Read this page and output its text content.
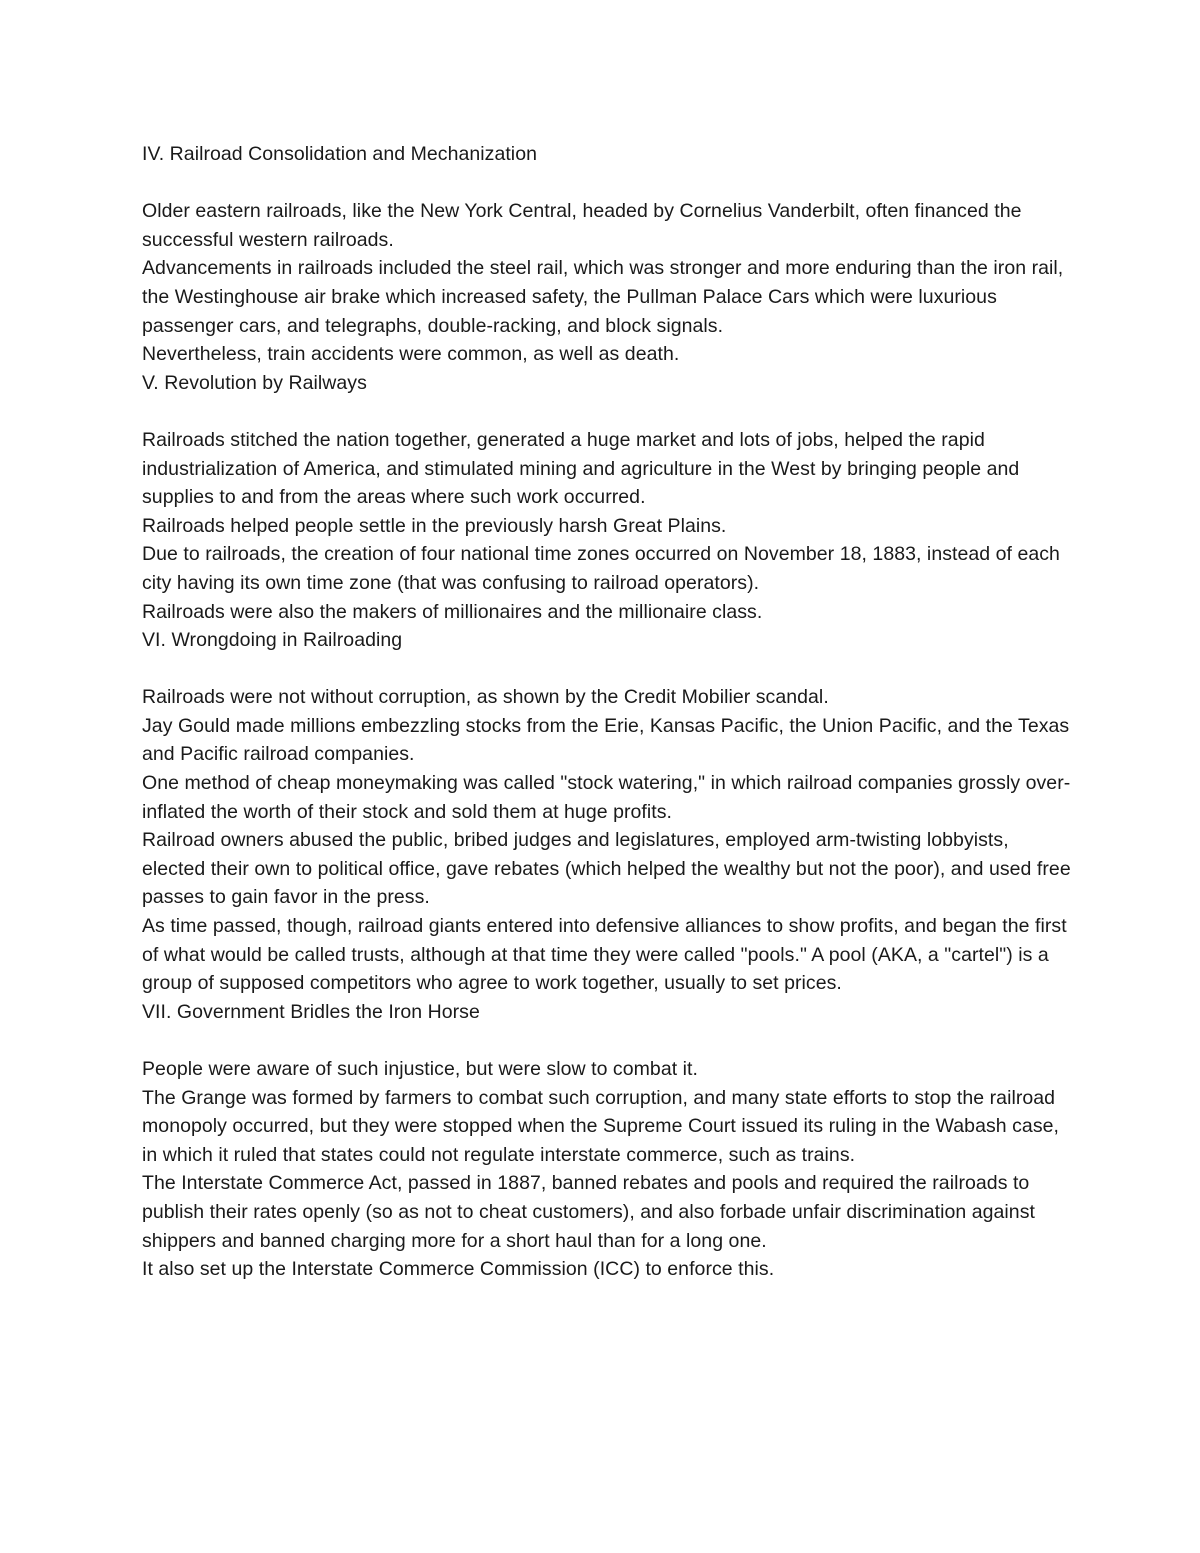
IV. Railroad Consolidation and Mechanization

Older eastern railroads, like the New York Central, headed by Cornelius Vanderbilt, often financed the successful western railroads.

Advancements in railroads included the steel rail, which was stronger and more enduring than the iron rail, the Westinghouse air brake which increased safety, the Pullman Palace Cars which were luxurious passenger cars, and telegraphs, double-racking, and block signals.

Nevertheless, train accidents were common, as well as death.

V. Revolution by Railways

Railroads stitched the nation together, generated a huge market and lots of jobs, helped the rapid industrialization of America, and stimulated mining and agriculture in the West by bringing people and supplies to and from the areas where such work occurred.

Railroads helped people settle in the previously harsh Great Plains.

Due to railroads, the creation of four national time zones occurred on November 18, 1883, instead of each city having its own time zone (that was confusing to railroad operators).

Railroads were also the makers of millionaires and the millionaire class.

VI. Wrongdoing in Railroading

Railroads were not without corruption, as shown by the Credit Mobilier scandal.

Jay Gould made millions embezzling stocks from the Erie, Kansas Pacific, the Union Pacific, and the Texas and Pacific railroad companies.

One method of cheap moneymaking was called "stock watering," in which railroad companies grossly over-inflated the worth of their stock and sold them at huge profits.

Railroad owners abused the public, bribed judges and legislatures, employed arm-twisting lobbyists, elected their own to political office, gave rebates (which helped the wealthy but not the poor), and used free passes to gain favor in the press.

As time passed, though, railroad giants entered into defensive alliances to show profits, and began the first of what would be called trusts, although at that time they were called "pools." A pool (AKA, a "cartel") is a group of supposed competitors who agree to work together, usually to set prices.

VII. Government Bridles the Iron Horse

People were aware of such injustice, but were slow to combat it.

The Grange was formed by farmers to combat such corruption, and many state efforts to stop the railroad monopoly occurred, but they were stopped when the Supreme Court issued its ruling in the Wabash case, in which it ruled that states could not regulate interstate commerce, such as trains.

The Interstate Commerce Act, passed in 1887, banned rebates and pools and required the railroads to publish their rates openly (so as not to cheat customers), and also forbade unfair discrimination against shippers and banned charging more for a short haul than for a long one.

It also set up the Interstate Commerce Commission (ICC) to enforce this.
